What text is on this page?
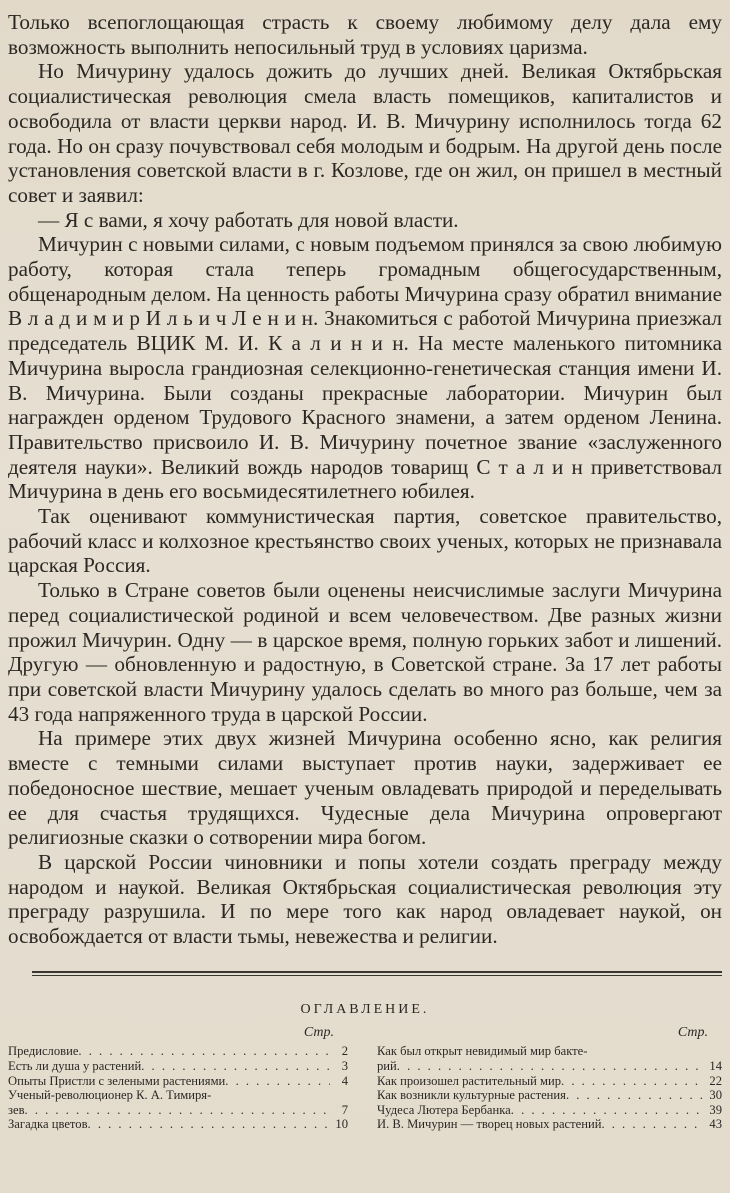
Только всепоглощающая страсть к своему любимому делу дала ему возможность выполнить непосильный труд в условиях царизма.

Но Мичурину удалось дожить до лучших дней. Великая Октябрьская социалистическая революция смела власть помещиков, капиталистов и освободила от власти церкви народ. И. В. Мичурину исполнилось тогда 62 года. Но он сразу почувствовал себя молодым и бодрым. На другой день после установления советской власти в г. Козлове, где он жил, он пришел в местный совет и заявил:

— Я с вами, я хочу работать для новой власти.

Мичурин с новыми силами, с новым подъемом принялся за свою любимую работу, которая стала теперь громадным общегосударственным, общенародным делом. На ценность работы Мичурина сразу обратил внимание В л а д и м и р И л ь и ч Л е н и н. Знакомиться с работой Мичурина приезжал председатель ВЦИК М. И. К а л и н и н. На месте маленького питомника Мичурина выросла грандиозная селекционно-генетическая станция имени И. В. Мичурина. Были созданы прекрасные лаборатории. Мичурин был награжден орденом Трудового Красного знамени, а затем орденом Ленина. Правительство присвоило И. В. Мичурину почетное звание «заслуженного деятеля науки». Великий вождь народов товарищ С т а л и н приветствовал Мичурина в день его восьмидесятилетнего юбилея.

Так оценивают коммунистическая партия, советское правительство, рабочий класс и колхозное крестьянство своих ученых, которых не признавала царская Россия.

Только в Стране советов были оценены неисчислимые заслуги Мичурина перед социалистической родиной и всем человечеством. Две разных жизни прожил Мичурин. Одну — в царское время, полную горьких забот и лишений. Другую — обновленную и радостную, в Советской стране. За 17 лет работы при советской власти Мичурину удалось сделать во много раз больше, чем за 43 года напряженного труда в царской России.

На примере этих двух жизней Мичурина особенно ясно, как религия вместе с темными силами выступает против науки, задерживает ее победоносное шествие, мешает ученым овладевать природой и переделывать ее для счастья трудящихся. Чудесные дела Мичурина опровергают религиозные сказки о сотворении мира богом.

В царской России чиновники и попы хотели создать преграду между народом и наукой. Великая Октябрьская социалистическая революция эту преграду разрушила. И по мере того как народ овладевает наукой, он освобождается от власти тьмы, невежества и религии.

ОГЛАВЛЕНИЕ.
Стр.
Предисловие . . .	2
Есть ли душа у растений . . .	3
Опыты Пристли с зелеными растениями . . .	4
Ученый-революционер К. А. Тимиря-
зев . . .	7
Загадка цветов . . .	10
Стр.
Как был открыт невидимый мир бакте-
рий . . .	14
Как произошел растительный мир . . .	22
Как возникли культурные растения . . .	30
Чудеса Лютера Бербанка . . .	39
И. В. Мичурин — творец новых растений . . .	43
